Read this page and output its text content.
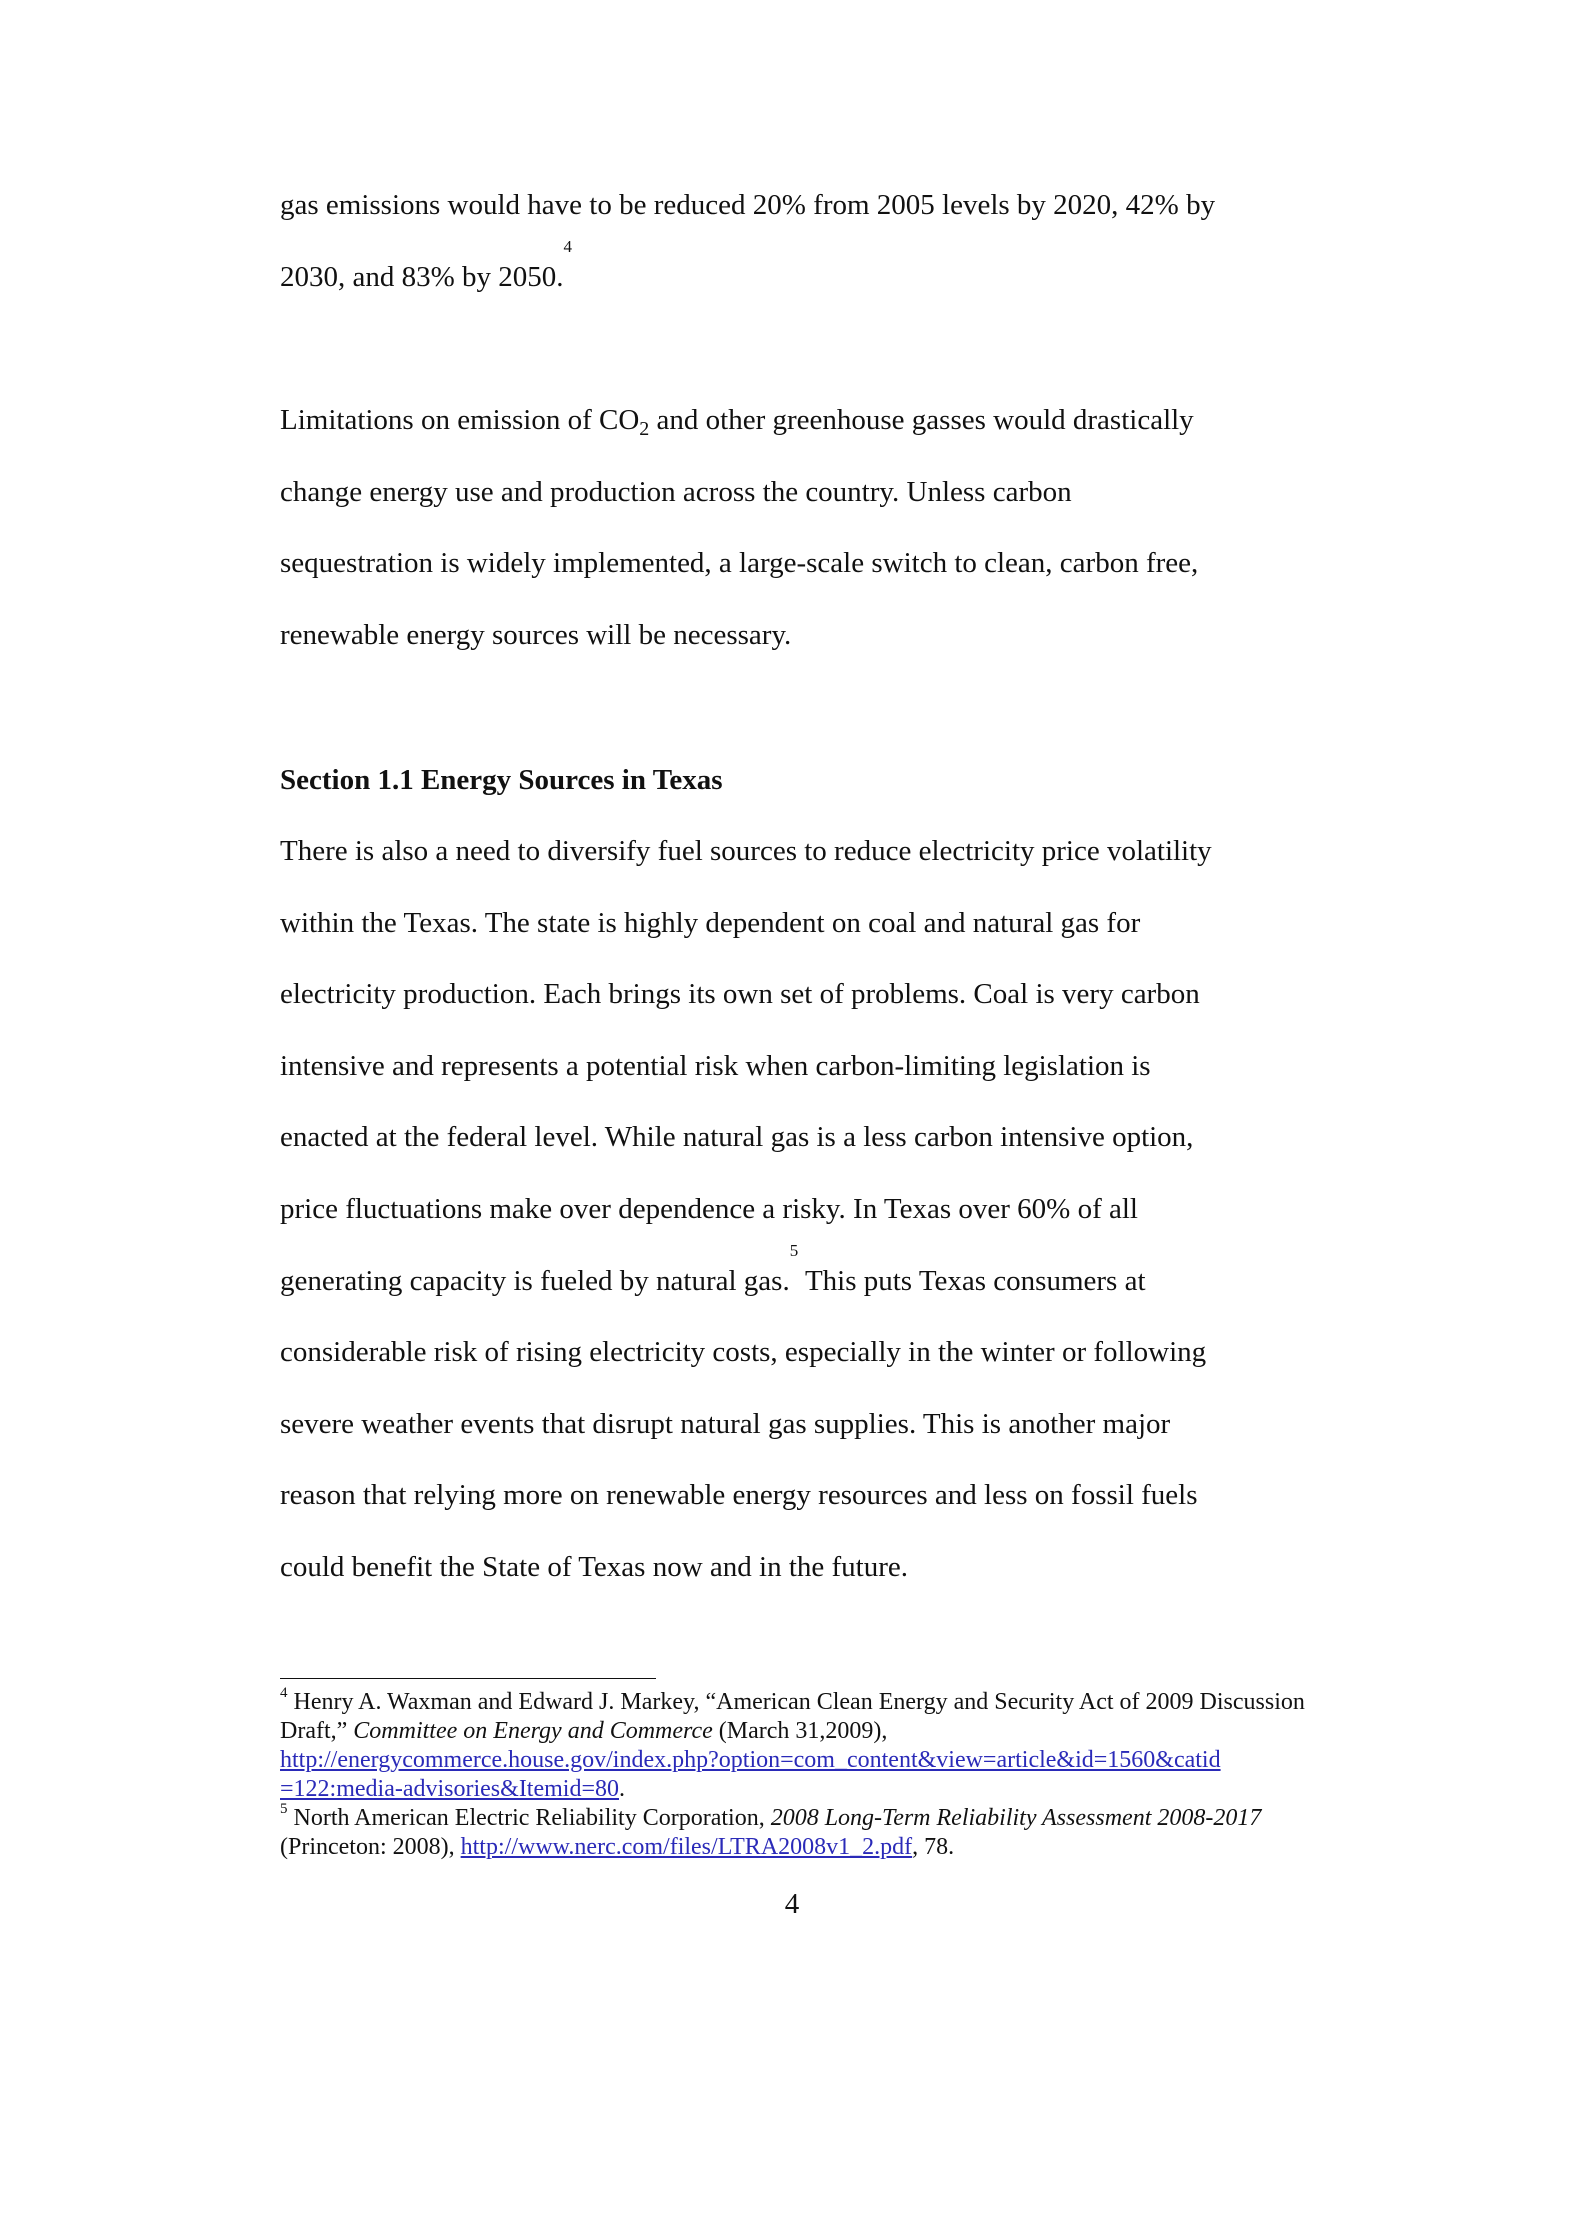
gas emissions would have to be reduced 20% from 2005 levels by 2020, 42% by
2030, and 83% by 2050.$^4$

Limitations on emission of $CO_2$ and other greenhouse gasses would drastically
change energy use and production across the country. Unless carbon
sequestration is widely implemented, a large-scale switch to clean, carbon free,
renewable energy sources will be necessary.

Section 1.1 Energy Sources in Texas

There is also a need to diversify fuel sources to reduce electricity price volatility
within the Texas. The state is highly dependent on coal and natural gas for
electricity production. Each brings its own set of problems. Coal is very carbon
intensive and represents a potential risk when carbon-limiting legislation is
enacted at the federal level. While natural gas is a less carbon intensive option,
price fluctuations make over dependence a risky. In Texas over 60% of all
generating capacity is fueled by natural gas.$^5$ This puts Texas consumers at
considerable risk of rising electricity costs, especially in the winter or following
severe weather events that disrupt natural gas supplies. This is another major
reason that relying more on renewable energy resources and less on fossil fuels
could benefit the State of Texas now and in the future.

$^4$ Henry A. Waxman and Edward J. Markey, “American Clean Energy and Security Act of 2009 Discussion Draft,” Committee on Energy and Commerce (March 31,2009),
http://energycommerce.house.gov/index.php?option=com_content&view=article&id=1560&catid
=122:media-advisories&Itemid=80.

$^5$ North American Electric Reliability Corporation, 2008 Long-Term Reliability Assessment 2008-2017 (Princeton: 2008), http://www.nerc.com/files/LTRA2008v1_2.pdf, 78.

4
